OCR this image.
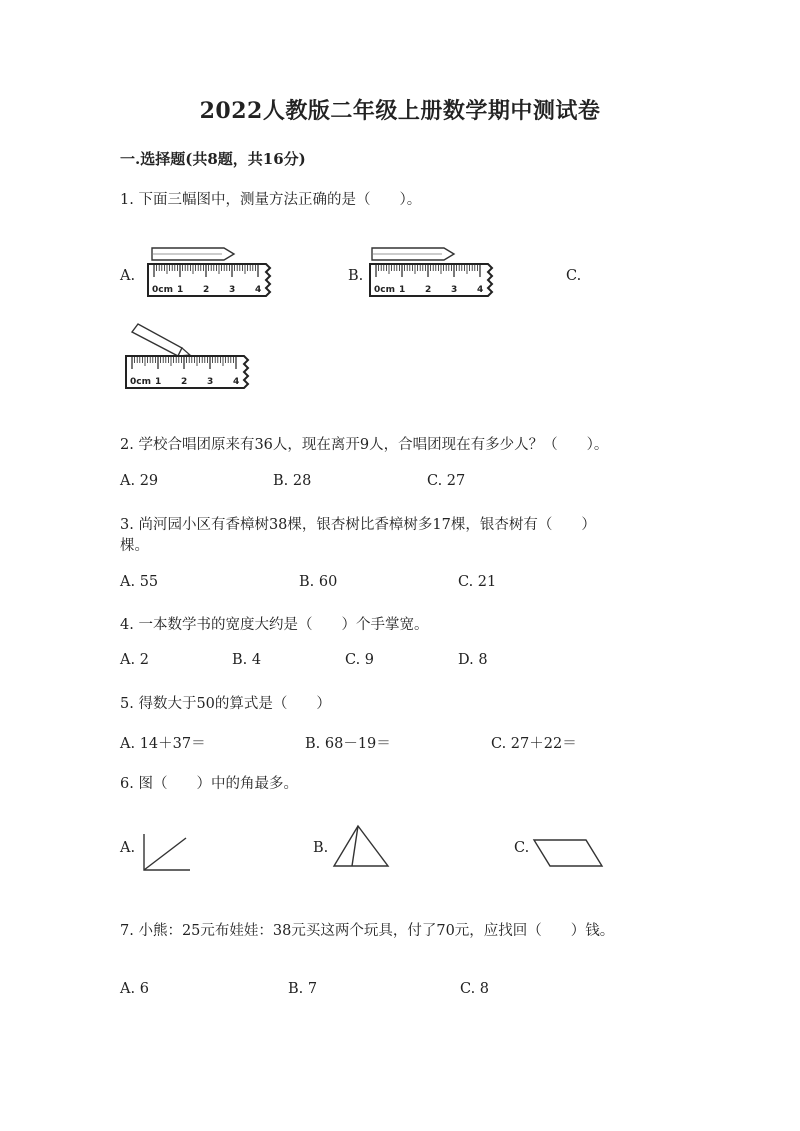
2022人教版二年级上册数学期中测试卷
一.选择题(共8题，共16分)
1. 下面三幅图中，测量方法正确的是（　　）。
A.
0cm 1 2 3 4
B.
0cm 1 2 3 4
C.
0cm 1 2 3 4
2. 学校合唱团原来有36人，现在离开9人，合唱团现在有多少人？（　　）。
A. 29	B. 28	C. 27
3. 尚河园小区有香樟树38棵，银杏树比香樟树多17棵，银杏树有（　　）
棵。
A. 55	B. 60	C. 21
4. 一本数学书的宽度大约是（　　）个手掌宽。
A. 2	B. 4	C. 9	D. 8
5. 得数大于50的算式是（　　）
A. 14＋37＝	B. 68－19＝	C. 27＋22＝
6. 图（　　）中的角最多。
A.	B.	C.
7. 小熊：25元布娃娃：38元买这两个玩具，付了70元，应找回（　　）钱。
A. 6	B. 7	C. 8
